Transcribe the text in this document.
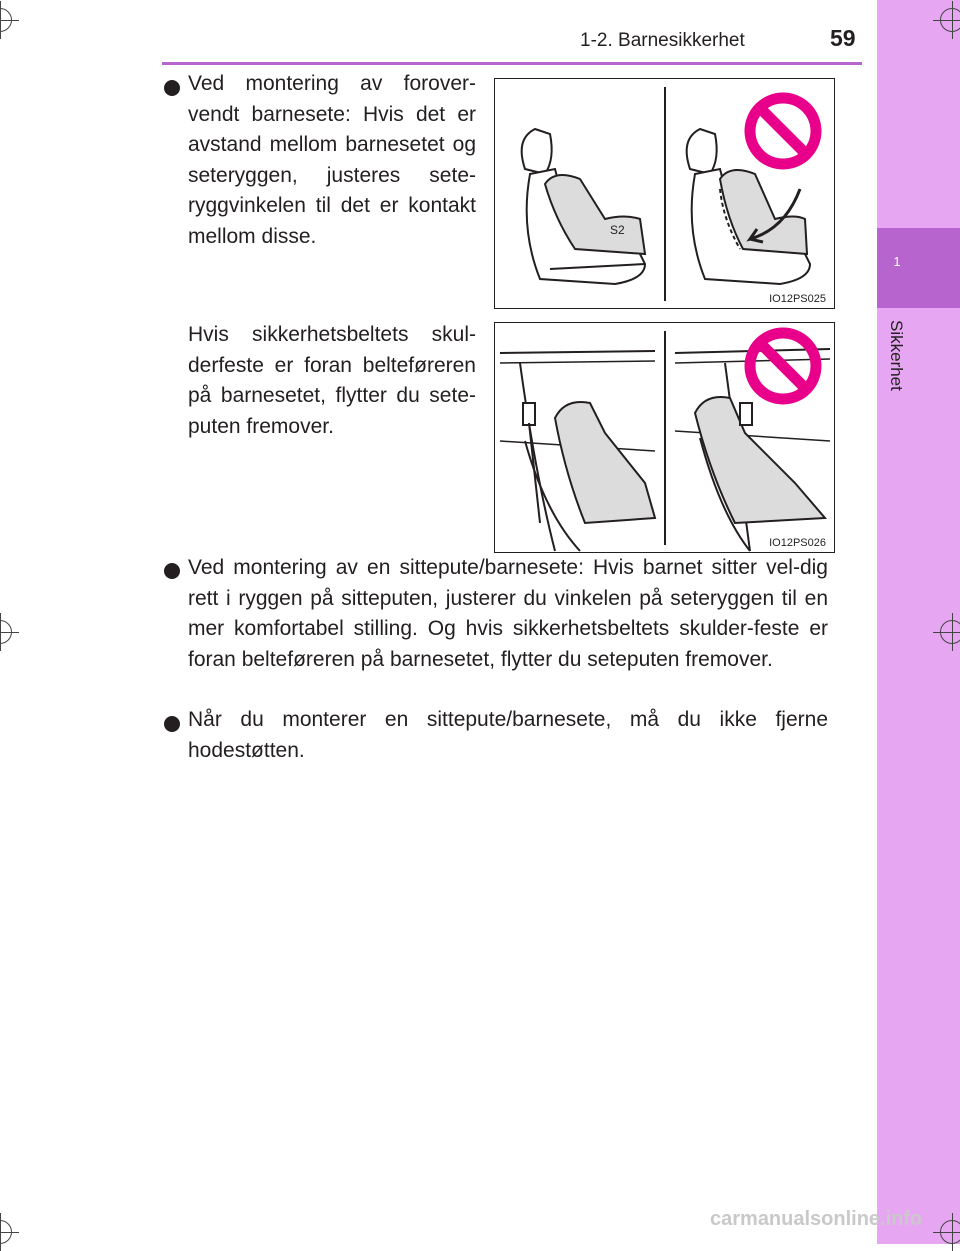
1
Sikkerhet
1-2. Barnesikkerhet	59
Ved montering av forover-vendt barnesete: Hvis det er avstand mellom barnesetet og seteryggen, justeres sete-ryggvinkelen til det er kontakt mellom disse.
Hvis sikkerhetsbeltets skul-derfeste er foran belteføreren på barnesetet, flytter du sete-puten fremover.
S2
IO12PS025
IO12PS026
Ved montering av en sittepute/barnesete: Hvis barnet sitter vel-dig rett i ryggen på sitteputen, justerer du vinkelen på seteryggen til en mer komfortabel stilling. Og hvis sikkerhetsbeltets skulder-feste er foran belteføreren på barnesetet, flytter du seteputen fremover.
Når du monterer en sittepute/barnesete, må du ikke fjerne hodestøtten.
carmanualsonline.info
